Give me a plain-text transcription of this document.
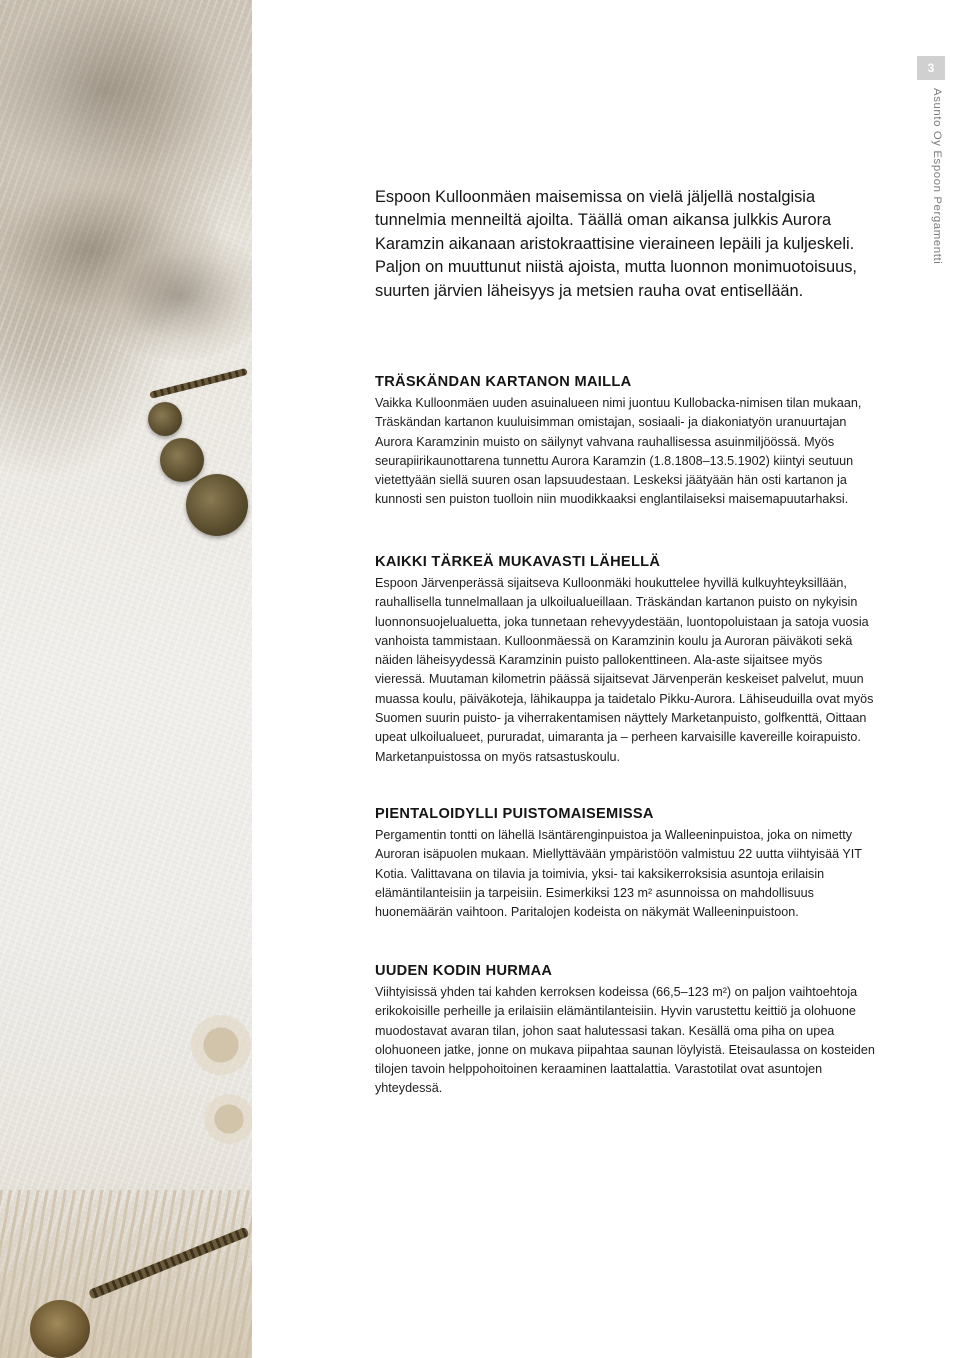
Espoon Kulloonmäen maisemissa on vielä jäljellä nostalgisia tunnelmia menneiltä ajoilta. Täällä oman aikansa julkkis Aurora Karamzin aikanaan aristokraattisine vieraineen lepäili ja kuljeskeli. Paljon on muuttunut niistä ajoista, mutta luonnon monimuotoisuus, suurten järvien läheisyys ja metsien rauha ovat entisellään.

TRÄSKÄNDAN KARTANON MAILLA

Vaikka Kulloonmäen uuden asuinalueen nimi juontuu Kullobacka-nimisen tilan mukaan, Träskändan kartanon kuuluisimman omistajan, sosiaali- ja diakoniatyön uranuurtajan Aurora Karamzinin muisto on säilynyt vahvana rauhallisessa asuinmiljöössä. Myös seurapiirikaunottarena tunnettu Aurora Karamzin (1.8.1808–13.5.1902) kiintyi seutuun vietettyään siellä suuren osan lapsuudestaan. Leskeksi jäätyään hän osti kartanon ja kunnosti sen puiston tuolloin niin muodikkaaksi englantilaiseksi maisemapuutarhaksi.

KAIKKI TÄRKEÄ MUKAVASTI LÄHELLÄ

Espoon Järvenperässä sijaitseva Kulloonmäki houkuttelee hyvillä kulkuyhteyksillään, rauhallisella tunnelmallaan ja ulkoilualueillaan. Träskändan kartanon puisto on nykyisin luonnonsuojelualuetta, joka tunnetaan rehevyydestään, luontopoluistaan ja satoja vuosia vanhoista tammistaan. Kulloonmäessä on Karamzinin koulu ja Auroran päiväkoti sekä näiden läheisyydessä Karamzinin puisto pallokenttineen. Ala-aste sijaitsee myös vieressä. Muutaman kilometrin päässä sijaitsevat Järvenperän keskeiset palvelut, muun muassa koulu, päiväkoteja, lähikauppa ja taidetalo Pikku-Aurora. Lähiseuduilla ovat myös Suomen suurin puisto- ja viherrakentamisen näyttely Marketanpuisto, golfkenttä, Oittaan upeat ulkoilualueet, pururadat, uimaranta ja – perheen karvaisille kavereille koirapuisto. Marketanpuistossa on myös ratsastuskoulu.

PIENTALOIDYLLI PUISTOMAISEMISSA

Pergamentin tontti on lähellä Isäntärenginpuistoa ja Walleeninpuistoa, joka on nimetty Auroran isäpuolen mukaan. Miellyttävään ympäristöön valmistuu 22 uutta viihtyisää YIT Kotia. Valittavana on tilavia ja toimivia, yksi- tai kaksikerroksisia asuntoja erilaisin elämäntilanteisiin ja tarpeisiin. Esimerkiksi 123 m² asunnoissa on mahdollisuus huonemäärän vaihtoon. Paritalojen kodeista on näkymät Walleeninpuistoon.

UUDEN KODIN HURMAA

Viihtyisissä yhden tai kahden kerroksen kodeissa (66,5–123 m²) on paljon vaihtoehtoja erikokoisille perheille ja erilaisiin elämäntilanteisiin. Hyvin varustettu keittiö ja olohuone muodostavat avaran tilan, johon saat halutessasi takan. Kesällä oma piha on upea olohuoneen jatke, jonne on mukava piipahtaa saunan löylyistä. Eteisaulassa on kosteiden tilojen tavoin helppohoitoinen keraaminen laattalattia. Varastotilat ovat asuntojen yhteydessä.

3
Asunto Oy Espoon Pergamentti
